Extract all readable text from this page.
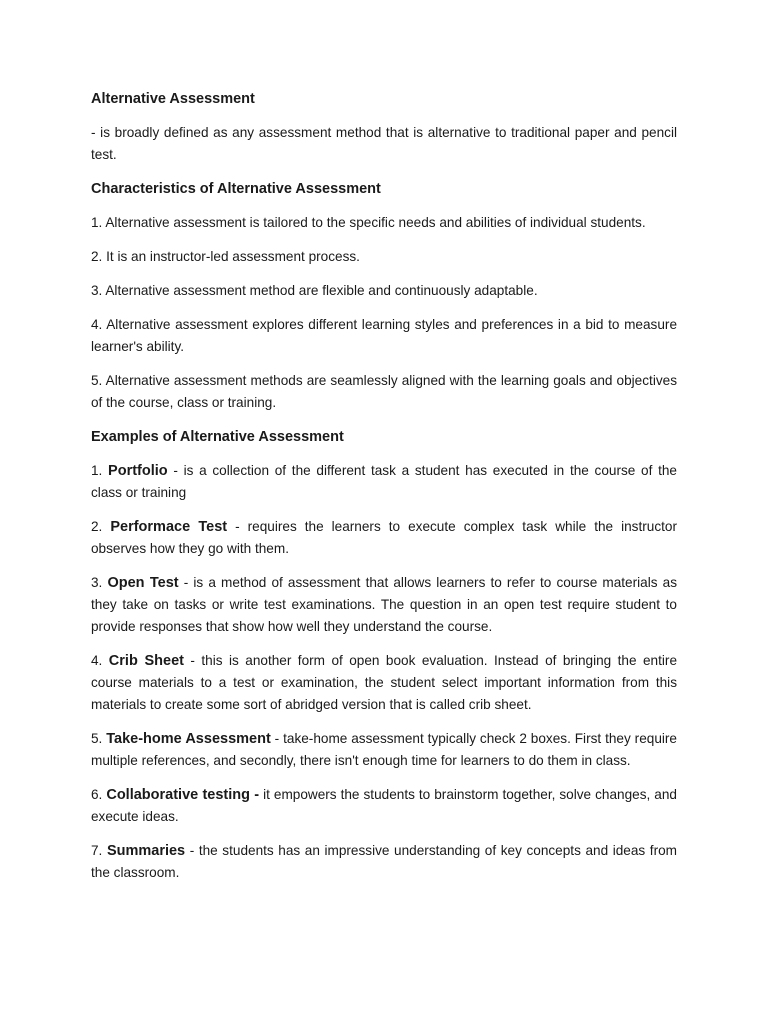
Alternative Assessment

- is broadly defined as any assessment method that is alternative to traditional paper and pencil test.

Characteristics of Alternative Assessment

1. Alternative assessment is tailored to the specific needs and abilities of individual students.

2. It is an instructor-led assessment process.

3. Alternative assessment method are flexible and continuously adaptable.

4. Alternative assessment explores different learning styles and preferences in a bid to measure learner's ability.

5. Alternative assessment methods are seamlessly aligned with the learning goals and objectives of the course, class or training.

Examples of Alternative Assessment

1. Portfolio - is a collection of the different task a student has executed in the course of the class or training

2. Performace Test - requires the learners to execute complex task while the instructor observes how they go with them.

3. Open Test - is a method of assessment that allows learners to refer to course materials as they take on tasks or write test examinations. The question in an open test require student to provide responses that show how well they understand the course.

4. Crib Sheet - this is another form of open book evaluation. Instead of bringing the entire course materials to a test or examination, the student select important information from this materials to create some sort of abridged version that is called crib sheet.

5. Take-home Assessment - take-home assessment typically check 2 boxes. First they require multiple references, and secondly, there isn't enough time for learners to do them in class.

6. Collaborative testing - it empowers the students to brainstorm together, solve changes, and execute ideas.

7. Summaries - the students has an impressive understanding of key concepts and ideas from the classroom.
